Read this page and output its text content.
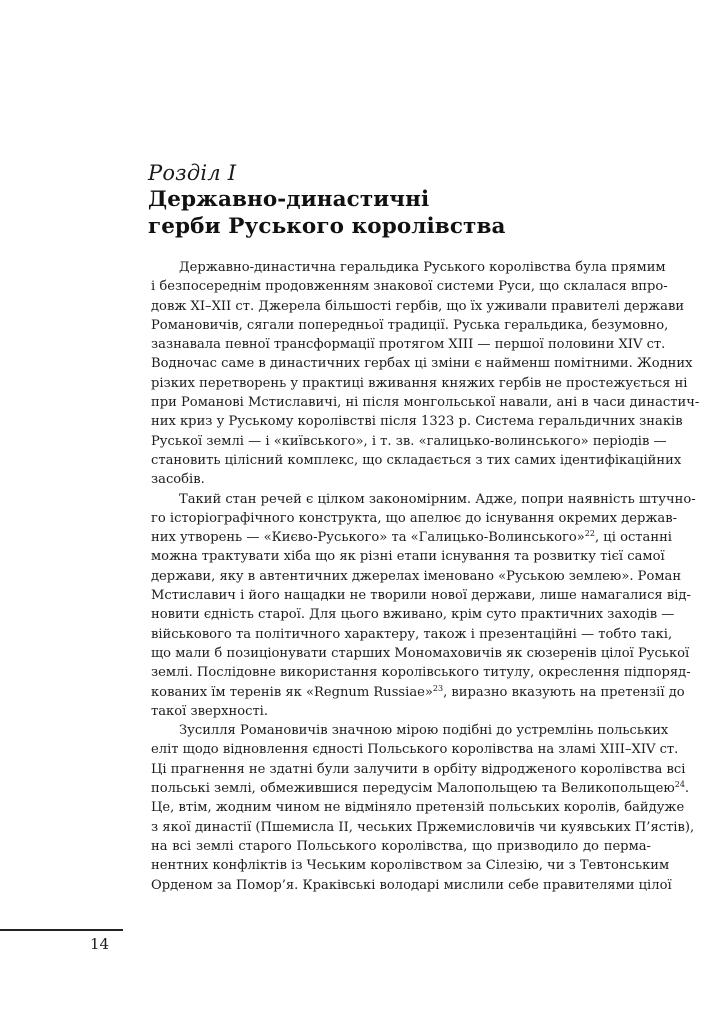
Розділ І
Державно-династичні
герби Руського королівства

Державно-династична геральдика Руського королівства була прямим
і безпосереднім продовженням знакової системи Руси, що склалася впро-
довж XI–XII ст. Джерела більшості гербів, що їх уживали правителі держави
Романовичів, сягали попередньої традиції. Руська геральдика, безумовно,
зазнавала певної трансформації протягом XIII — першої половини XIV ст.
Водночас саме в династичних гербах ці зміни є найменш помітними. Жодних
різких перетворень у практиці вживання княжих гербів не простежується ні
при Романові Мстиславичі, ні після монгольської навали, ані в часи династич-
них криз у Руському королівстві після 1323 р. Система геральдичних знаків
Руської землі — і «київського», і т. зв. «галицько-волинського» періодів —
становить цілісний комплекс, що складається з тих самих ідентифікаційних
засобів.

Такий стан речей є цілком закономірним. Адже, попри наявність штучно-
го історіографічного конструкта, що апелює до існування окремих держав-
них утворень — «Києво-Руського» та «Галицько-Волинського»$^{22}$, ці останні
можна трактувати хіба що як різні етапи існування та розвитку тієї самої
держави, яку в автентичних джерелах іменовано «Руською землею». Роман
Мстиславич і його нащадки не творили нової держави, лише намагалися від-
новити єдність старої. Для цього вживано, крім суто практичних заходів —
військового та політичного характеру, також і презентаційні — тобто такі,
що мали б позиціонувати старших Мономаховичів як сюзеренів цілої Руської
землі. Послідовне використання королівського титулу, окреслення підпоряд-
кованих їм теренів як «Regnum Russiae»$^{23}$, виразно вказують на претензії до
такої зверхності.

Зусилля Романовичів значною мірою подібні до устремлінь польських
еліт щодо відновлення єдності Польського королівства на зламі XIII–XIV ст.
Ці прагнення не здатні були залучити в орбіту відродженого королівства всі
польські землі, обмежившися передусім Малопольщею та Великопольщею$^{24}$.
Це, втім, жодним чином не відміняло претензій польських королів, байдуже
з якої династії (Пшемисла II, чеських Пржемисловичів чи куявських П’ястів),
на всі землі старого Польського королівства, що призводило до перма-
нентних конфліктів із Чеським королівством за Сілезію, чи з Тевтонським
Орденом за Помор’я. Краківські володарі мислили себе правителями цілої

14
